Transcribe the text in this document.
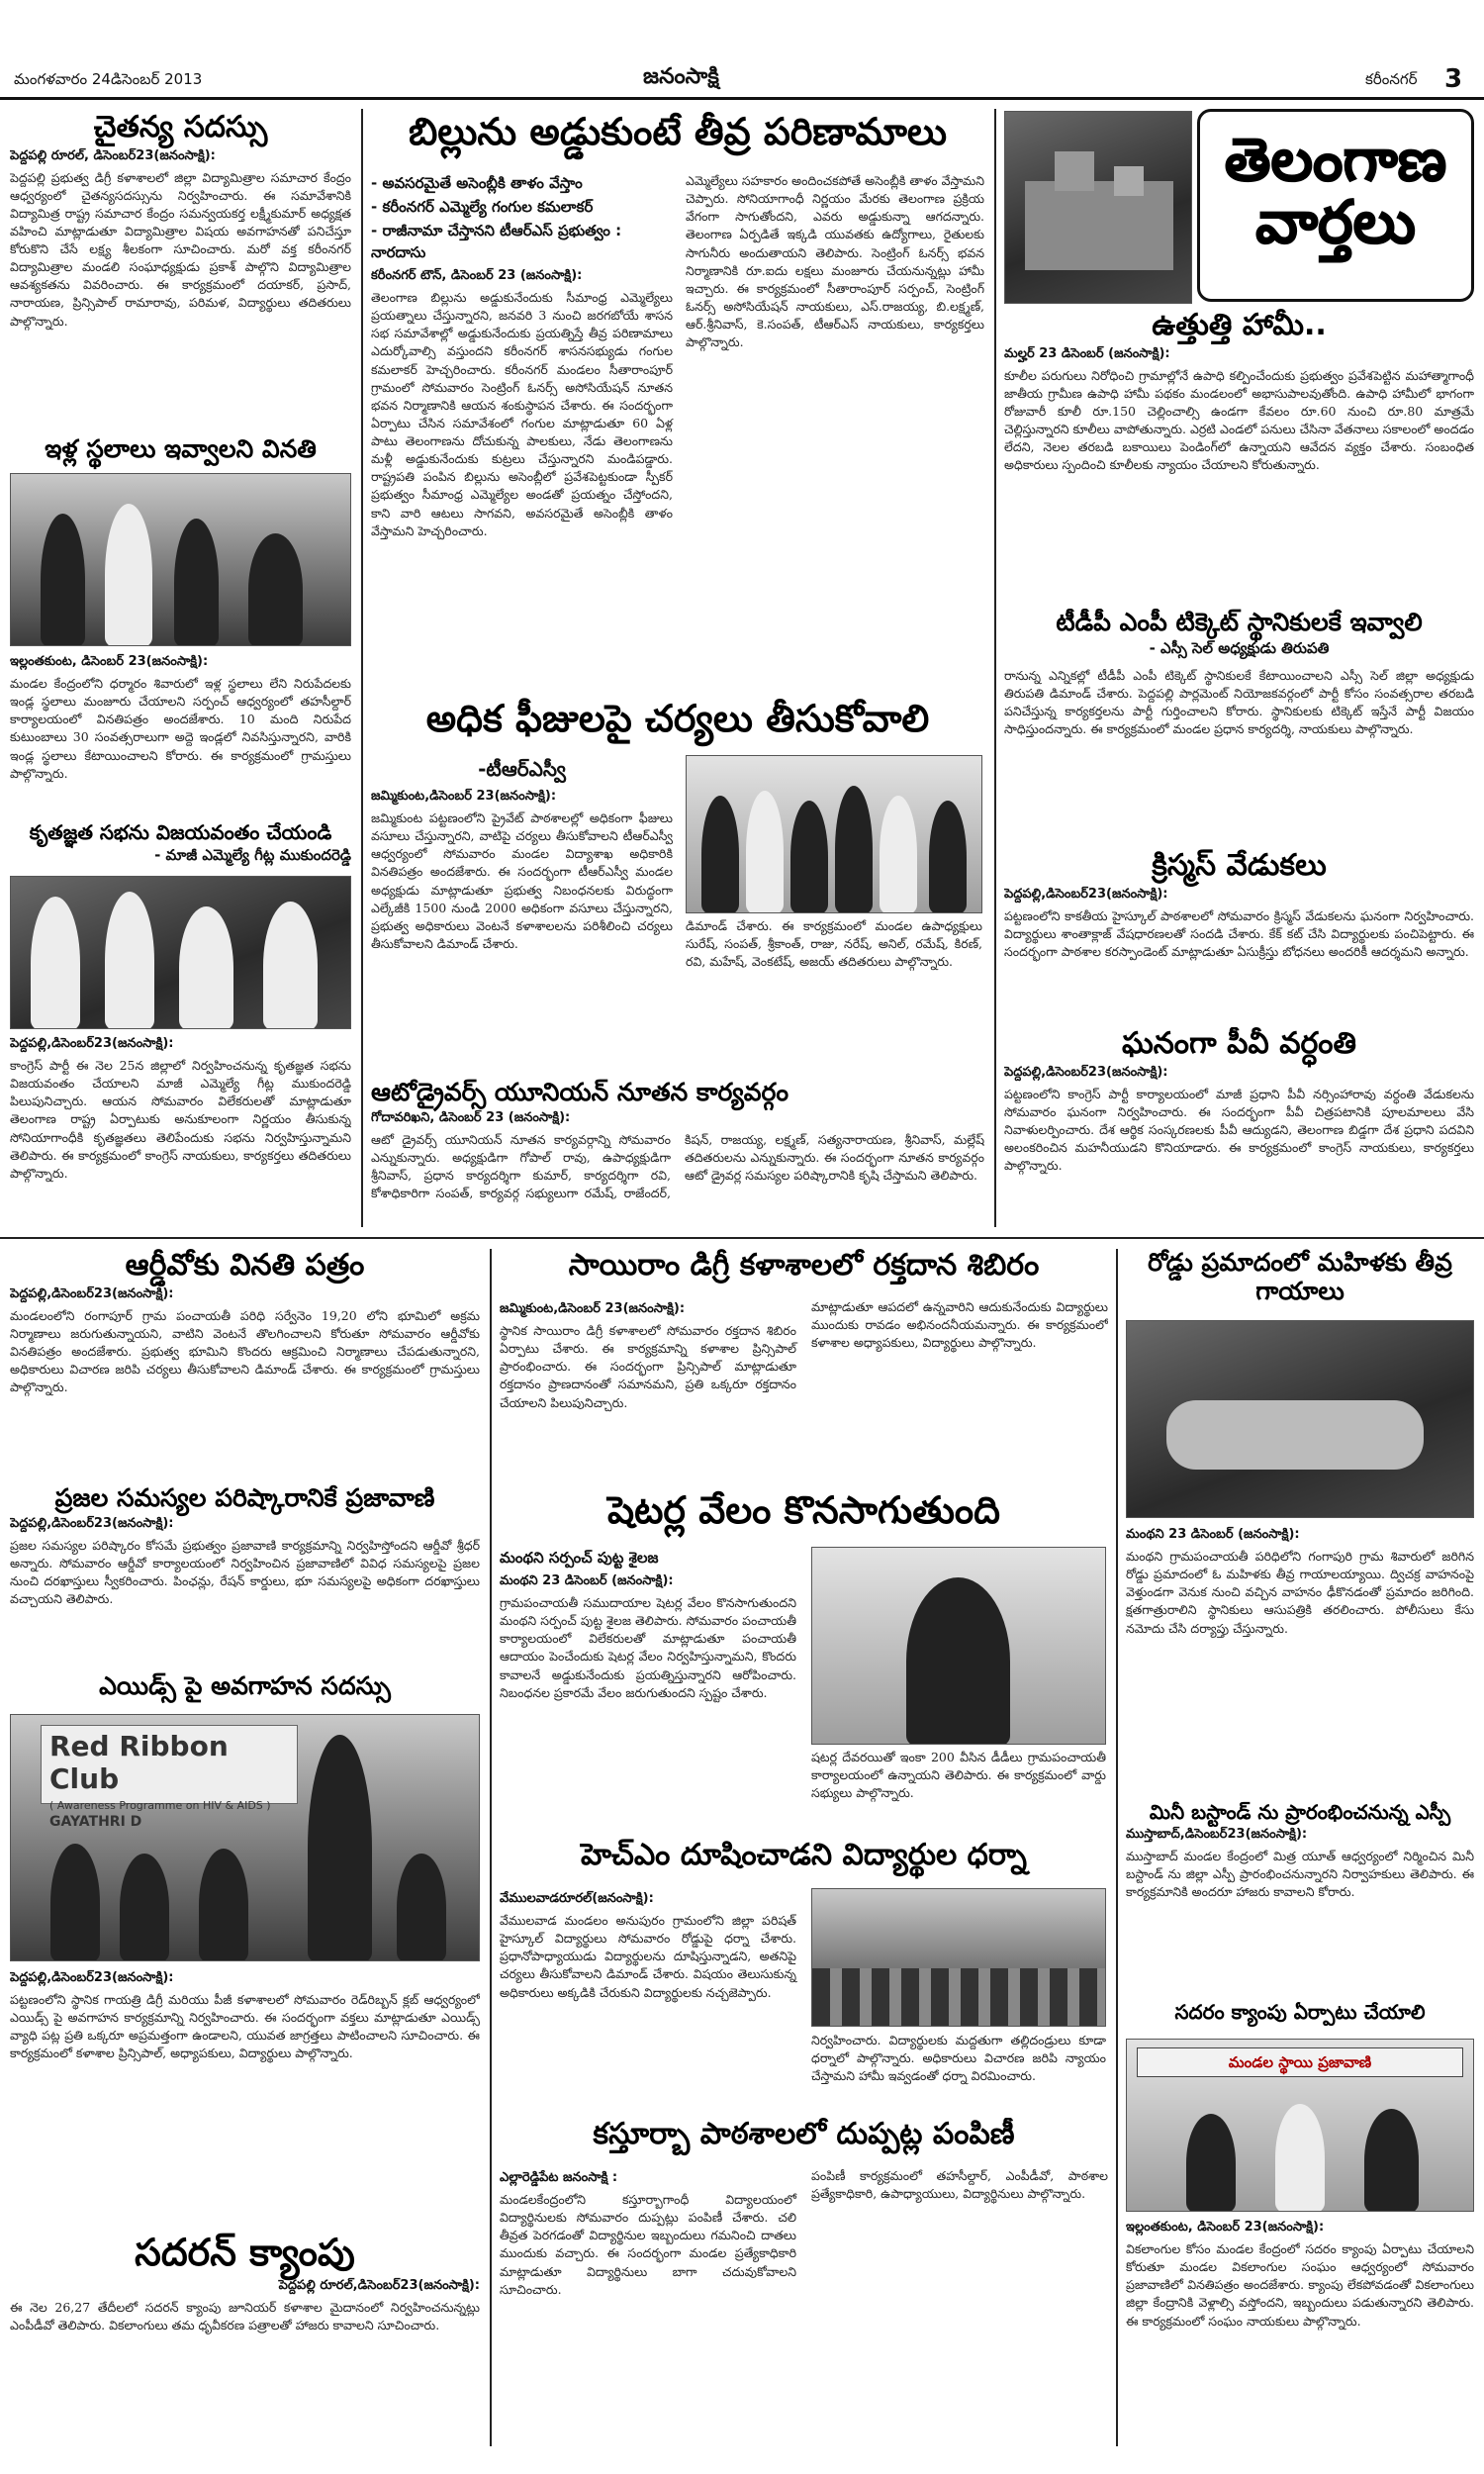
మంగళవారం 24డిసెంబర్ 2013	జనంసాక్షి	కరీంనగర్ 3
చైతన్య సదస్సు
పెద్దపల్లి రూరల్, డిసెంబర్23(జనంసాక్షి):
పెద్దపల్లి ప్రభుత్వ డిగ్రీ కళాశాలలో జిల్లా విద్యామిత్రాల సమాచార కేంద్రం ఆధ్వర్యంలో చైతన్యసదస్సును నిర్వహించారు. ఈ సమావేశానికి విద్యామిత్ర రాష్ట్ర సమాచార కేంద్రం సమన్వయకర్త లక్ష్మీకుమార్ అధ్యక్షత వహించి మాట్లాడుతూ విద్యామిత్రాల విషయ అవగాహనతో పనిచేస్తూ కోరుకొని చేసే లక్ష్య శీలకంగా సూచించారు. మరో వక్త కరీంనగర్ విద్యామిత్రాల మండలి సంఘాధ్యక్షుడు ప్రకాశ్ పాల్గొని విద్యామిత్రాల ఆవశ్యకతను వివరించారు. ఈ కార్యక్రమంలో దయాకర్, ప్రసాద్, నారాయణ, ప్రిన్సిపాల్ రామారావు, పరిమళ, విద్యార్థులు తదితరులు పాల్గొన్నారు.
ఇళ్ల స్థలాలు ఇవ్వాలని వినతి
ఇల్లంతకుంట, డిసెంబర్ 23(జనంసాక్షి):
మండల కేంద్రంలోని ధర్మారం శివారులో ఇళ్ల స్థలాలు లేని నిరుపేదలకు ఇండ్ల స్థలాలు మంజూరు చేయాలని సర్పంచ్ ఆధ్వర్యంలో తహసీల్దార్ కార్యాలయంలో వినతిపత్రం అందజేశారు. 10 మంది నిరుపేద కుటుంబాలు 30 సంవత్సరాలుగా అద్దె ఇండ్లలో నివసిస్తున్నారని, వారికి ఇండ్ల స్థలాలు కేటాయించాలని కోరారు. ఈ కార్యక్రమంలో గ్రామస్తులు పాల్గొన్నారు.
కృతజ్ఞత సభను విజయవంతం చేయండి
- మాజీ ఎమ్మెల్యే గీట్ల ముకుందరెడ్డి
పెద్దపల్లి,డిసెంబర్23(జనంసాక్షి):
కాంగ్రెస్ పార్టీ ఈ నెల 25న జిల్లాలో నిర్వహించనున్న కృతజ్ఞత సభను విజయవంతం చేయాలని మాజీ ఎమ్మెల్యే గీట్ల ముకుందరెడ్డి పిలుపునిచ్చారు. ఆయన సోమవారం విలేకరులతో మాట్లాడుతూ తెలంగాణ రాష్ట్ర ఏర్పాటుకు అనుకూలంగా నిర్ణయం తీసుకున్న సోనియాగాంధీకి కృతజ్ఞతలు తెలిపేందుకు సభను నిర్వహిస్తున్నామని తెలిపారు. ఈ కార్యక్రమంలో కాంగ్రెస్ నాయకులు, కార్యకర్తలు తదితరులు పాల్గొన్నారు.
బిల్లును అడ్డుకుంటే తీవ్ర పరిణామాలు
- అవసరమైతే అసెంబ్లీకి తాళం వేస్తాం
- కరీంనగర్ ఎమ్మెల్యే గంగుల కమలాకర్
- రాజీనామా చేస్తానని టీఆర్ఎస్ ప్రభుత్వం : నారదాసు
కరీంనగర్ టౌన్, డిసెంబర్ 23 (జనంసాక్షి):
తెలంగాణ బిల్లును అడ్డుకునేందుకు సీమాంధ్ర ఎమ్మెల్యేలు ప్రయత్నాలు చేస్తున్నారని, జనవరి 3 నుంచి జరగబోయే శాసన సభ సమావేశాల్లో అడ్డుకునేందుకు ప్రయత్నిస్తే తీవ్ర పరిణామాలు ఎదుర్కోవాల్సి వస్తుందని కరీంనగర్ శాసనసభ్యుడు గంగుల కమలాకర్ హెచ్చరించారు. కరీంనగర్ మండలం సీతారాంపూర్ గ్రామంలో సోమవారం సెంట్రింగ్ ఓనర్స్ అసోసియేషన్ నూతన భవన నిర్మాణానికి ఆయన శంకుస్థాపన చేశారు. ఈ సందర్భంగా ఏర్పాటు చేసిన సమావేశంలో గంగుల మాట్లాడుతూ 60 ఏళ్ల పాటు తెలంగాణను దోచుకున్న పాలకులు, నేడు తెలంగాణను మళ్లీ అడ్డుకునేందుకు కుట్రలు చేస్తున్నారని మండిపడ్డారు. రాష్ట్రపతి పంపిన బిల్లును అసెంబ్లీలో ప్రవేశపెట్టకుండా స్పీకర్ ప్రభుత్వం సీమాంధ్ర ఎమ్మెల్యేల అండతో ప్రయత్నం చేస్తోందని, కాని వారి ఆటలు సాగవని, అవసరమైతే అసెంబ్లీకి తాళం వేస్తామని హెచ్చరించారు.
ఎమ్మెల్యేలు సహకారం అందించకపోతే అసెంబ్లీకి తాళం వేస్తామని చెప్పారు. సోనియాగాంధీ నిర్ణయం మేరకు తెలంగాణ ప్రక్రియ వేగంగా సాగుతోందని, ఎవరు అడ్డుకున్నా ఆగదన్నారు. తెలంగాణ ఏర్పడితే ఇక్కడి యువతకు ఉద్యోగాలు, రైతులకు సాగునీరు అందుతాయని తెలిపారు. సెంట్రింగ్ ఓనర్స్ భవన నిర్మాణానికి రూ.ఐదు లక్షలు మంజూరు చేయనున్నట్లు హామీ ఇచ్చారు. ఈ కార్యక్రమంలో సీతారాంపూర్ సర్పంచ్, సెంట్రింగ్ ఓనర్స్ అసోసియేషన్ నాయకులు, ఎస్.రాజయ్య, బి.లక్ష్మణ్, ఆర్.శ్రీనివాస్, కె.సంపత్, టీఆర్ఎస్ నాయకులు, కార్యకర్తలు పాల్గొన్నారు.
అధిక ఫీజులపై చర్యలు తీసుకోవాలి
-టీఆర్ఎస్వీ
జమ్మికుంట,డిసెంబర్ 23(జనంసాక్షి):
జమ్మికుంట పట్టణంలోని ప్రైవేట్ పాఠశాలల్లో అధికంగా ఫీజులు వసూలు చేస్తున్నారని, వాటిపై చర్యలు తీసుకోవాలని టీఆర్ఎస్వీ ఆధ్వర్యంలో సోమవారం మండల విద్యాశాఖ అధికారికి వినతిపత్రం అందజేశారు. ఈ సందర్భంగా టీఆర్ఎస్వీ మండల అధ్యక్షుడు మాట్లాడుతూ ప్రభుత్వ నిబంధనలకు విరుద్ధంగా ఎల్కేజీకి 1500 నుండి 2000 అధికంగా వసూలు చేస్తున్నారని, ప్రభుత్వ అధికారులు వెంటనే కళాశాలలను పరిశీలించి చర్యలు తీసుకోవాలని డిమాండ్ చేశారు.
డిమాండ్ చేశారు. ఈ కార్యక్రమంలో మండల ఉపాధ్యక్షులు సురేష్, సంపత్, శ్రీకాంత్, రాజు, నరేష్, అనిల్, రమేష్, కిరణ్, రవి, మహేష్, వెంకటేష్, అజయ్ తదితరులు పాల్గొన్నారు.
ఆటోడ్రైవర్స్ యూనియన్ నూతన కార్యవర్గం
గోదావరిఖని, డిసెంబర్ 23 (జనంసాక్షి):
ఆటో డ్రైవర్స్ యూనియన్ నూతన కార్యవర్గాన్ని సోమవారం ఎన్నుకున్నారు. అధ్యక్షుడిగా గోపాల్ రావు, ఉపాధ్యక్షుడిగా శ్రీనివాస్, ప్రధాన కార్యదర్శిగా కుమార్, కార్యదర్శిగా రవి, కోశాధికారిగా సంపత్, కార్యవర్గ సభ్యులుగా రమేష్, రాజేందర్, కిషన్, రాజయ్య, లక్ష్మణ్, సత్యనారాయణ, శ్రీనివాస్, మల్లేష్ తదితరులను ఎన్నుకున్నారు. ఈ సందర్భంగా నూతన కార్యవర్గం ఆటో డ్రైవర్ల సమస్యల పరిష్కారానికి కృషి చేస్తామని తెలిపారు.
తెలంగాణ వార్తలు
ఉత్తుత్తి హామీ..
మల్హర్ 23 డిసెంబర్ (జనంసాక్షి):
కూలీల పరుగులు నిరోధించి గ్రామాల్లోనే ఉపాధి కల్పించేందుకు ప్రభుత్వం ప్రవేశపెట్టిన మహాత్మాగాంధీ జాతీయ గ్రామీణ ఉపాధి హామీ పథకం మండలంలో అభాసుపాలవుతోంది. ఉపాధి హామీలో భాగంగా రోజువారీ కూలీ రూ.150 చెల్లించాల్సి ఉండగా కేవలం రూ.60 నుంచి రూ.80 మాత్రమే చెల్లిస్తున్నారని కూలీలు వాపోతున్నారు. ఎర్రటి ఎండలో పనులు చేసినా వేతనాలు సకాలంలో అందడం లేదని, నెలల తరబడి బకాయిలు పెండింగ్‌లో ఉన్నాయని ఆవేదన వ్యక్తం చేశారు. సంబంధిత అధికారులు స్పందించి కూలీలకు న్యాయం చేయాలని కోరుతున్నారు.
టీడీపీ ఎంపీ టిక్కెట్ స్థానికులకే ఇవ్వాలి
- ఎస్సీ సెల్ అధ్యక్షుడు తిరుపతి
రానున్న ఎన్నికల్లో టీడీపీ ఎంపీ టిక్కెట్ స్థానికులకే కేటాయించాలని ఎస్సీ సెల్ జిల్లా అధ్యక్షుడు తిరుపతి డిమాండ్ చేశారు. పెద్దపల్లి పార్లమెంట్ నియోజకవర్గంలో పార్టీ కోసం సంవత్సరాల తరబడి పనిచేస్తున్న కార్యకర్తలను పార్టీ గుర్తించాలని కోరారు. స్థానికులకు టిక్కెట్ ఇస్తేనే పార్టీ విజయం సాధిస్తుందన్నారు. ఈ కార్యక్రమంలో మండల ప్రధాన కార్యదర్శి, నాయకులు పాల్గొన్నారు.
క్రిస్మస్ వేడుకలు
పెద్దపల్లి,డిసెంబర్23(జనంసాక్షి):
పట్టణంలోని కాకతీయ హైస్కూల్ పాఠశాలలో సోమవారం క్రిస్మస్ వేడుకలను ఘనంగా నిర్వహించారు. విద్యార్థులు శాంతాక్లాజ్ వేషధారణలతో సందడి చేశారు. కేక్ కట్ చేసి విద్యార్థులకు పంచిపెట్టారు. ఈ సందర్భంగా పాఠశాల కరస్పాండెంట్ మాట్లాడుతూ ఏసుక్రీస్తు బోధనలు అందరికీ ఆదర్శమని అన్నారు.
ఘనంగా పీవీ వర్ధంతి
పెద్దపల్లి,డిసెంబర్23(జనంసాక్షి):
పట్టణంలోని కాంగ్రెస్ పార్టీ కార్యాలయంలో మాజీ ప్రధాని పీవీ నర్సింహారావు వర్ధంతి వేడుకలను సోమవారం ఘనంగా నిర్వహించారు. ఈ సందర్భంగా పీవీ చిత్రపటానికి పూలమాలలు వేసి నివాళులర్పించారు. దేశ ఆర్థిక సంస్కరణలకు పీవీ ఆద్యుడని, తెలంగాణ బిడ్డగా దేశ ప్రధాని పదవిని అలంకరించిన మహనీయుడని కొనియాడారు. ఈ కార్యక్రమంలో కాంగ్రెస్ నాయకులు, కార్యకర్తలు పాల్గొన్నారు.
ఆర్డీవోకు వినతి పత్రం
పెద్దపల్లి,డిసెంబర్23(జనంసాక్షి):
మండలంలోని రంగాపూర్ గ్రామ పంచాయతీ పరిధి సర్వేనెం 19,20 లోని భూమిలో అక్రమ నిర్మాణాలు జరుగుతున్నాయని, వాటిని వెంటనే తొలగించాలని కోరుతూ సోమవారం ఆర్డీవోకు వినతిపత్రం అందజేశారు. ప్రభుత్వ భూమిని కొందరు ఆక్రమించి నిర్మాణాలు చేపడుతున్నారని, అధికారులు విచారణ జరిపి చర్యలు తీసుకోవాలని డిమాండ్ చేశారు. ఈ కార్యక్రమంలో గ్రామస్తులు పాల్గొన్నారు.
ప్రజల సమస్యల పరిష్కారానికే ప్రజావాణి
పెద్దపల్లి,డిసెంబర్23(జనంసాక్షి):
ప్రజల సమస్యల పరిష్కారం కోసమే ప్రభుత్వం ప్రజావాణి కార్యక్రమాన్ని నిర్వహిస్తోందని ఆర్డీవో శ్రీధర్ అన్నారు. సోమవారం ఆర్డీవో కార్యాలయంలో నిర్వహించిన ప్రజావాణిలో వివిధ సమస్యలపై ప్రజల నుంచి దరఖాస్తులు స్వీకరించారు. పింఛన్లు, రేషన్ కార్డులు, భూ సమస్యలపై అధికంగా దరఖాస్తులు వచ్చాయని తెలిపారు.
ఎయిడ్స్ పై అవగాహన సదస్సు
Red Ribbon Club
( Awareness Programme on HIV & AIDS )
GAYATHRI D
పెద్దపల్లి,డిసెంబర్23(జనంసాక్షి):
పట్టణంలోని స్థానిక గాయత్రి డిగ్రీ మరియు పీజీ కళాశాలలో సోమవారం రెడ్‌రిబ్బన్ క్లబ్ ఆధ్వర్యంలో ఎయిడ్స్ పై అవగాహన కార్యక్రమాన్ని నిర్వహించారు. ఈ సందర్భంగా వక్తలు మాట్లాడుతూ ఎయిడ్స్ వ్యాధి పట్ల ప్రతి ఒక్కరూ అప్రమత్తంగా ఉండాలని, యువత జాగ్రత్తలు పాటించాలని సూచించారు. ఈ కార్యక్రమంలో కళాశాల ప్రిన్సిపాల్, అధ్యాపకులు, విద్యార్థులు పాల్గొన్నారు.
సదరన్ క్యాంపు
పెద్దపల్లి రూరల్,డిసెంబర్23(జనంసాక్షి):
ఈ నెల 26,27 తేదీలలో సదరన్ క్యాంపు జూనియర్ కళాశాల మైదానంలో నిర్వహించనున్నట్లు ఎంపీడీవో తెలిపారు. వికలాంగులు తమ ధృవీకరణ పత్రాలతో హాజరు కావాలని సూచించారు.
సాయిరాం డిగ్రీ కళాశాలలో రక్తదాన శిబిరం
జమ్మికుంట,డిసెంబర్ 23(జనంసాక్షి):
స్థానిక సాయిరాం డిగ్రీ కళాశాలలో సోమవారం రక్తదాన శిబిరం ఏర్పాటు చేశారు. ఈ కార్యక్రమాన్ని కళాశాల ప్రిన్సిపాల్ ప్రారంభించారు. ఈ సందర్భంగా ప్రిన్సిపాల్ మాట్లాడుతూ రక్తదానం ప్రాణదానంతో సమానమని, ప్రతి ఒక్కరూ రక్తదానం చేయాలని పిలుపునిచ్చారు.
మాట్లాడుతూ ఆపదలో ఉన్నవారిని ఆదుకునేందుకు విద్యార్థులు ముందుకు రావడం అభినందనీయమన్నారు. ఈ కార్యక్రమంలో కళాశాల అధ్యాపకులు, విద్యార్థులు పాల్గొన్నారు.
షెటర్ల వేలం కొనసాగుతుంది
మంథని సర్పంచ్ పుట్ట శైలజ
మంథని 23 డిసెంబర్ (జనంసాక్షి):
గ్రామపంచాయతీ సముదాయాల షెటర్ల వేలం కొనసాగుతుందని మంథని సర్పంచ్ పుట్ట శైలజ తెలిపారు. సోమవారం పంచాయతీ కార్యాలయంలో విలేకరులతో మాట్లాడుతూ పంచాయతీ ఆదాయం పెంచేందుకు షెటర్ల వేలం నిర్వహిస్తున్నామని, కొందరు కావాలనే అడ్డుకునేందుకు ప్రయత్నిస్తున్నారని ఆరోపించారు. నిబంధనల ప్రకారమే వేలం జరుగుతుందని స్పష్టం చేశారు.
షటర్ల దేవరయితో ఇంకా 200 వీసిన డీడీలు గ్రామపంచాయతీ కార్యాలయంలో ఉన్నాయని తెలిపారు. ఈ కార్యక్రమంలో వార్డు సభ్యులు పాల్గొన్నారు.
హెచ్ఎం దూషించాడని విద్యార్థుల ధర్నా
వేములవాడరూరల్(జనంసాక్షి):
వేములవాడ మండలం అనుపురం గ్రామంలోని జిల్లా పరిషత్ హైస్కూల్ విద్యార్థులు సోమవారం రోడ్డుపై ధర్నా చేశారు. ప్రధానోపాధ్యాయుడు విద్యార్థులను దూషిస్తున్నాడని, అతనిపై చర్యలు తీసుకోవాలని డిమాండ్ చేశారు. విషయం తెలుసుకున్న అధికారులు అక్కడికి చేరుకుని విద్యార్థులకు నచ్చజెప్పారు.
నిర్వహించారు. విద్యార్థులకు మద్దతుగా తల్లిదండ్రులు కూడా ధర్నాలో పాల్గొన్నారు. అధికారులు విచారణ జరిపి న్యాయం చేస్తామని హామీ ఇవ్వడంతో ధర్నా విరమించారు.
కస్తూర్బా పాఠశాలలో దుప్పట్ల పంపిణీ
ఎల్లారెడ్డిపేట జనంసాక్షి :
మండలకేంద్రంలోని కస్తూర్బాగాంధీ విద్యాలయంలో విద్యార్థినులకు సోమవారం దుప్పట్లు పంపిణీ చేశారు. చలి తీవ్రత పెరగడంతో విద్యార్థినుల ఇబ్బందులు గమనించి దాతలు ముందుకు వచ్చారు. ఈ సందర్భంగా మండల ప్రత్యేకాధికారి మాట్లాడుతూ విద్యార్థినులు బాగా చదువుకోవాలని సూచించారు.
పంపిణీ కార్యక్రమంలో తహసీల్దార్, ఎంపీడీవో, పాఠశాల ప్రత్యేకాధికారి, ఉపాధ్యాయులు, విద్యార్థినులు పాల్గొన్నారు.
రోడ్డు ప్రమాదంలో మహిళకు తీవ్ర గాయాలు
మంథని 23 డిసెంబర్ (జనంసాక్షి):
మంథని గ్రామపంచాయతీ పరిధిలోని గంగాపురి గ్రామ శివారులో జరిగిన రోడ్డు ప్రమాదంలో ఓ మహిళకు తీవ్ర గాయాలయ్యాయి. ద్విచక్ర వాహనంపై వెళ్తుండగా వెనుక నుంచి వచ్చిన వాహనం ఢీకొనడంతో ప్రమాదం జరిగింది. క్షతగాత్రురాలిని స్థానికులు ఆసుపత్రికి తరలించారు. పోలీసులు కేసు నమోదు చేసి దర్యాప్తు చేస్తున్నారు.
మినీ బస్టాండ్ ను ప్రారంభించనున్న ఎస్పీ
ముస్తాబాద్,డిసెంబర్23(జనంసాక్షి):
ముస్తాబాద్ మండల కేంద్రంలో మిత్ర యూత్ ఆధ్వర్యంలో నిర్మించిన మినీ బస్టాండ్ ను జిల్లా ఎస్పీ ప్రారంభించనున్నారని నిర్వాహకులు తెలిపారు. ఈ కార్యక్రమానికి అందరూ హాజరు కావాలని కోరారు.
సదరం క్యాంపు ఏర్పాటు చేయాలి
మండల స్థాయి ప్రజావాణి
ఇల్లంతకుంట, డిసెంబర్ 23(జనంసాక్షి):
వికలాంగుల కోసం మండల కేంద్రంలో సదరం క్యాంపు ఏర్పాటు చేయాలని కోరుతూ మండల వికలాంగుల సంఘం ఆధ్వర్యంలో సోమవారం ప్రజావాణిలో వినతిపత్రం అందజేశారు. క్యాంపు లేకపోవడంతో వికలాంగులు జిల్లా కేంద్రానికి వెళ్లాల్సి వస్తోందని, ఇబ్బందులు పడుతున్నారని తెలిపారు. ఈ కార్యక్రమంలో సంఘం నాయకులు పాల్గొన్నారు.
